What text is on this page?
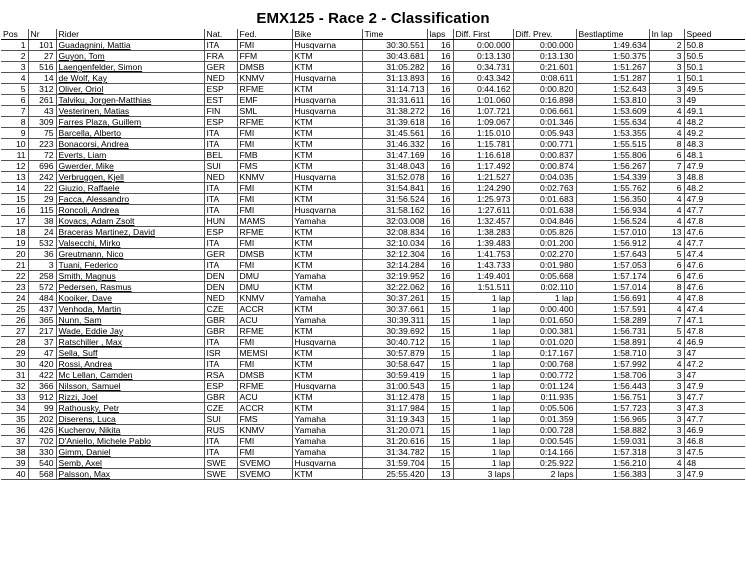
EMX125 - Race 2 - Classification
Pos	Nr	Rider	Nat.	Fed.	Bike	Time	laps	Diff. First	Diff. Prev.	Bestlaptime	In lap	Speed
1	101	Guadagnini, Mattia	ITA	FMI	Husqvarna	30:30.551	16	0:00.000	0:00.000	1:49.634	2	50.8
2	27	Guyon, Tom	FRA	FFM	KTM	30:43.681	16	0:13.130	0:13.130	1:50.375	3	50.5
3	516	Laengenfelder, Simon	GER	DMSB	KTM	31:05.282	16	0:34.731	0:21.601	1:51.267	3	50.1
4	14	de Wolf, Kay	NED	KNMV	Husqvarna	31:13.893	16	0:43.342	0:08.611	1:51.287	1	50.1
5	312	Oliver, Oriol	ESP	RFME	KTM	31:14.713	16	0:44.162	0:00.820	1:52.643	3	49.5
6	261	Talviku, Jorgen-Matthias	EST	EMF	Husqvarna	31:31.611	16	1:01.060	0:16.898	1:53.810	3	49
7	43	Vesterinen, Matias	FIN	SML	Husqvarna	31:38.272	16	1:07.721	0:06.661	1:53.609	4	49.1
8	309	Farres Plaza, Guillem	ESP	RFME	KTM	31:39.618	16	1:09.067	0:01.346	1:55.634	4	48.2
9	75	Barcella, Alberto	ITA	FMI	KTM	31:45.561	16	1:15.010	0:05.943	1:53.355	4	49.2
10	223	Bonacorsi, Andrea	ITA	FMI	KTM	31:46.332	16	1:15.781	0:00.771	1:55.515	8	48.3
11	72	Everts, Liam	BEL	FMB	KTM	31:47.169	16	1:16.618	0:00.837	1:55.806	6	48.1
12	696	Gwerder, Mike	SUI	FMS	KTM	31:48.043	16	1:17.492	0:00.874	1:56.267	7	47.9
13	242	Verbruggen, Kjell	NED	KNMV	Husqvarna	31:52.078	16	1:21.527	0:04.035	1:54.339	3	48.8
14	22	Giuzio, Raffaele	ITA	FMI	KTM	31:54.841	16	1:24.290	0:02.763	1:55.762	6	48.2
15	29	Facca, Alessandro	ITA	FMI	KTM	31:56.524	16	1:25.973	0:01.683	1:56.350	4	47.9
16	115	Roncoli, Andrea	ITA	FMI	Husqvarna	31:58.162	16	1:27.611	0:01.638	1:56.934	4	47.7
17	38	Kovacs, Adam Zsolt	HUN	MAMS	Yamaha	32:03.008	16	1:32.457	0:04.846	1:56.524	4	47.8
18	24	Braceras Martinez, David	ESP	RFME	KTM	32:08.834	16	1:38.283	0:05.826	1:57.010	13	47.6
19	532	Valsecchi, Mirko	ITA	FMI	KTM	32:10.034	16	1:39.483	0:01.200	1:56.912	4	47.7
20	36	Greutmann, Nico	GER	DMSB	KTM	32:12.304	16	1:41.753	0:02.270	1:57.643	5	47.4
21	3	Tuani, Federico	ITA	FMI	KTM	32:14.284	16	1:43.733	0:01.980	1:57.053	6	47.6
22	258	Smith, Magnus	DEN	DMU	Yamaha	32:19.952	16	1:49.401	0:05.668	1:57.174	6	47.6
23	572	Pedersen, Rasmus	DEN	DMU	KTM	32:22.062	16	1:51.511	0:02.110	1:57.014	8	47.6
24	484	Kooiker, Dave	NED	KNMV	Yamaha	30:37.261	15	1 lap	1 lap	1:56.691	4	47.8
25	437	Venhoda, Martin	CZE	ACCR	KTM	30:37.661	15	1 lap	0:00.400	1:57.591	4	47.4
26	365	Nunn, Sam	GBR	ACU	Yamaha	30:39.311	15	1 lap	0:01.650	1:58.289	7	47.1
27	217	Wade, Eddie Jay	GBR	RFME	KTM	30:39.692	15	1 lap	0:00.381	1:56.731	5	47.8
28	37	Ratschiller , Max	ITA	FMI	Husqvarna	30:40.712	15	1 lap	0:01.020	1:58.891	4	46.9
29	47	Sella, Suff	ISR	MEMSI	KTM	30:57.879	15	1 lap	0:17.167	1:58.710	3	47
30	420	Rossi, Andrea	ITA	FMI	KTM	30:58.647	15	1 lap	0:00.768	1:57.992	4	47.2
31	422	Mc Lellan, Camden	RSA	DMSB	KTM	30:59.419	15	1 lap	0:00.772	1:58.706	3	47
32	366	Nilsson, Samuel	ESP	RFME	Husqvarna	31:00.543	15	1 lap	0:01.124	1:56.443	3	47.9
33	912	Rizzi, Joel	GBR	ACU	KTM	31:12.478	15	1 lap	0:11.935	1:56.751	3	47.7
34	99	Rathousky, Petr	CZE	ACCR	KTM	31:17.984	15	1 lap	0:05.506	1:57.723	3	47.3
35	202	Diserens, Luca	SUI	FMS	Yamaha	31:19.343	15	1 lap	0:01.359	1:56.965	3	47.7
36	426	Kucherov, Nikita	RUS	KNMV	Yamaha	31:20.071	15	1 lap	0:00.728	1:58.882	3	46.9
37	702	D'Aniello, Michele Pablo	ITA	FMI	Yamaha	31:20.616	15	1 lap	0:00.545	1:59.031	3	46.8
38	330	Gimm, Daniel	ITA	FMI	Yamaha	31:34.782	15	1 lap	0:14.166	1:57.318	3	47.5
39	540	Semb, Axel	SWE	SVEMO	Husqvarna	31:59.704	15	1 lap	0:25.922	1:56.210	4	48
40	568	Palsson, Max	SWE	SVEMO	KTM	25:55.420	13	3 laps	2 laps	1:56.383	3	47.9
